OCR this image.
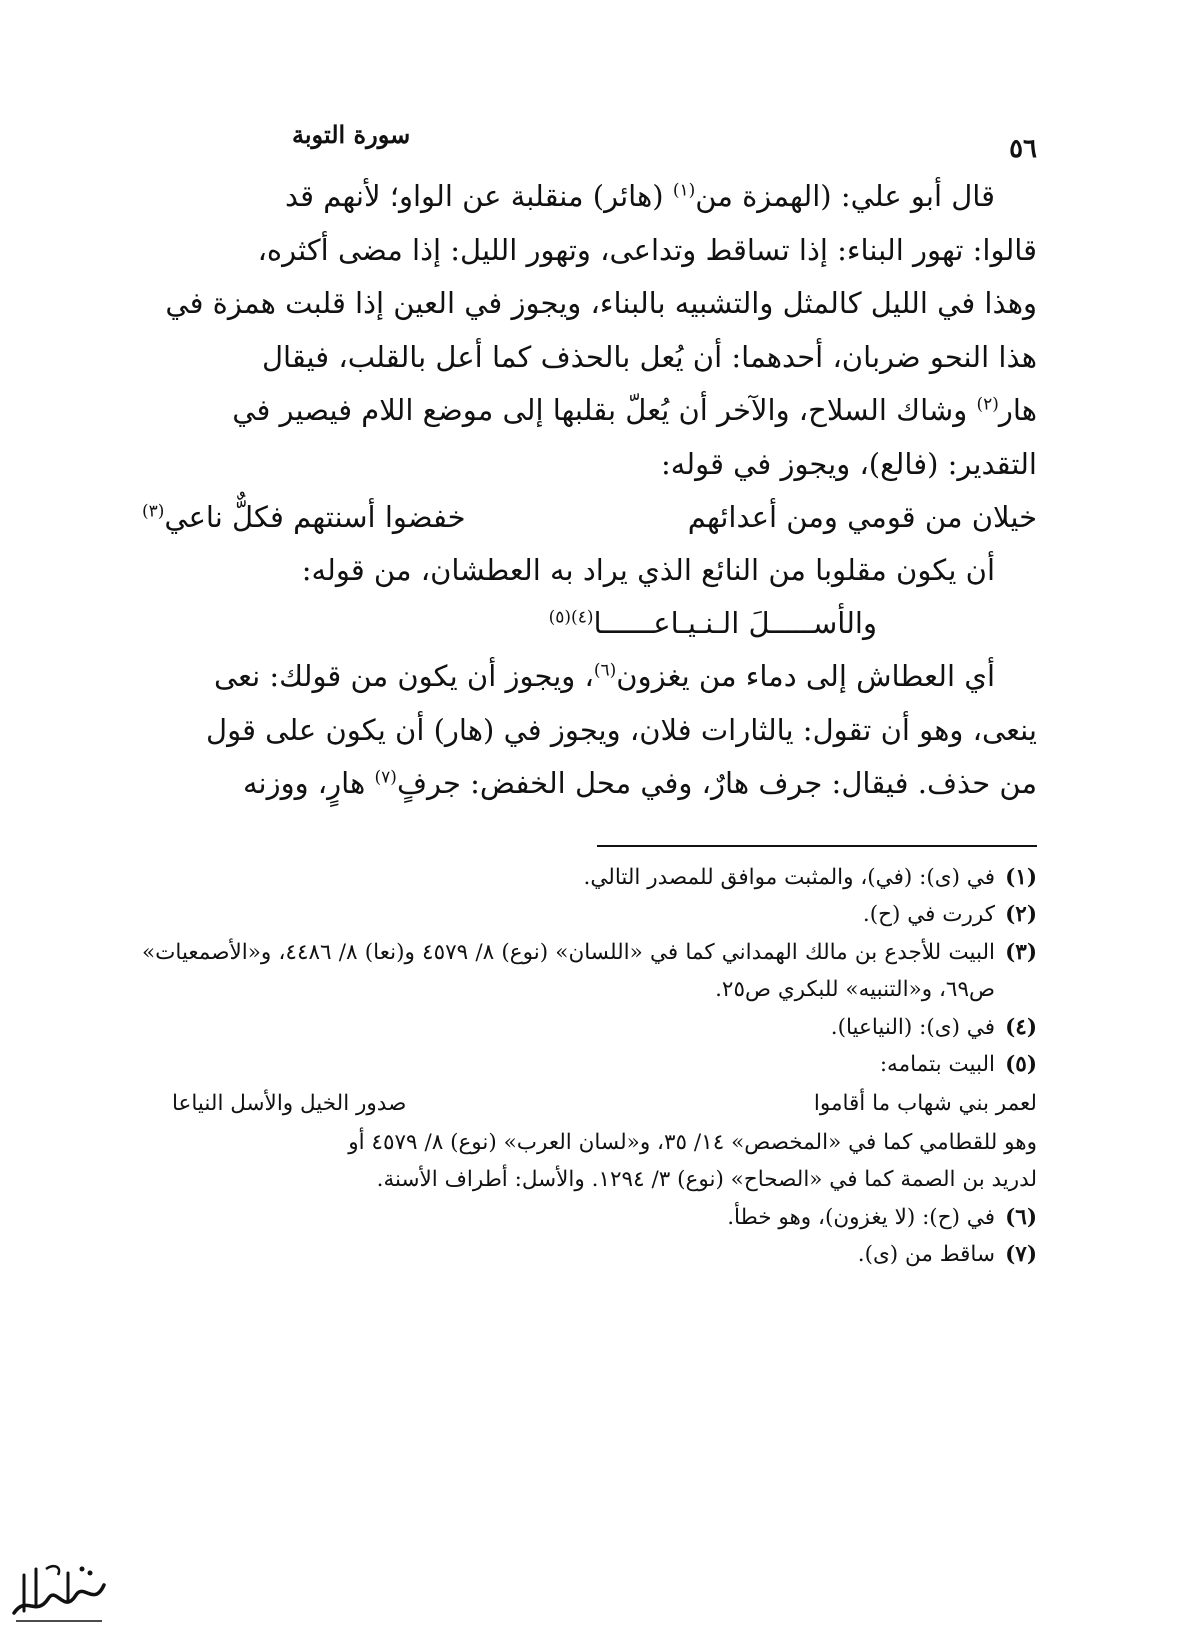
٥٦
سورة التوبة
قال أبو علي: (الهمزة من$^{(١)}$ (هائر) منقلبة عن الواو؛ لأنهم قد
قالوا: تهور البناء: إذا تساقط وتداعى، وتهور الليل: إذا مضى أكثره،
وهذا في الليل كالمثل والتشبيه بالبناء، ويجوز في العين إذا قلبت همزة في
هذا النحو ضربان، أحدهما: أن يُعل بالحذف كما أعل بالقلب، فيقال
هار$^{(٢)}$ وشاك السلاح، والآخر أن يُعلّ بقلبها إلى موضع اللام فيصير في
التقدير: (فالع)، ويجوز في قوله:
خيلان من قومي ومن أعدائهم
خفضوا أسنتهم فكلٌّ ناعي$^{(٣)}$
أن يكون مقلوبا من النائع الذي يراد به العطشان، من قوله:
والأســـــلَ الـنـيـاعــــــا$^{(٤)(٥)}$
أي العطاش إلى دماء من يغزون$^{(٦)}$، ويجوز أن يكون من قولك: نعى
ينعى، وهو أن تقول: يالثارات فلان، ويجوز في (هار) أن يكون على قول
من حذف. فيقال: جرف هارٌ، وفي محل الخفض: جرفٍ$^{(٧)}$ هارٍ، ووزنه
(١)
في (ى): (في)، والمثبت موافق للمصدر التالي.
(٢)
كررت في (ح).
(٣)
البيت للأجدع بن مالك الهمداني كما في «اللسان» (نوع) ٨/ ٤٥٧٩ و(نعا) ٨/ ٤٤٨٦، و«الأصمعيات» ص٦٩، و«التنبيه» للبكري ص٢٥.
(٤)
في (ى): (النياعيا).
(٥)
البيت بتمامه:
لعمر بني شهاب ما أقاموا
صدور الخيل والأسل النياعا
وهو للقطامي كما في «المخصص» ١٤/ ٣٥، و«لسان العرب» (نوع) ٨/ ٤٥٧٩ أو
لدريد بن الصمة كما في «الصحاح» (نوع) ٣/ ١٢٩٤. والأسل: أطراف الأسنة.
(٦)
في (ح): (لا يغزون)، وهو خطأ.
(٧)
ساقط من (ى).
